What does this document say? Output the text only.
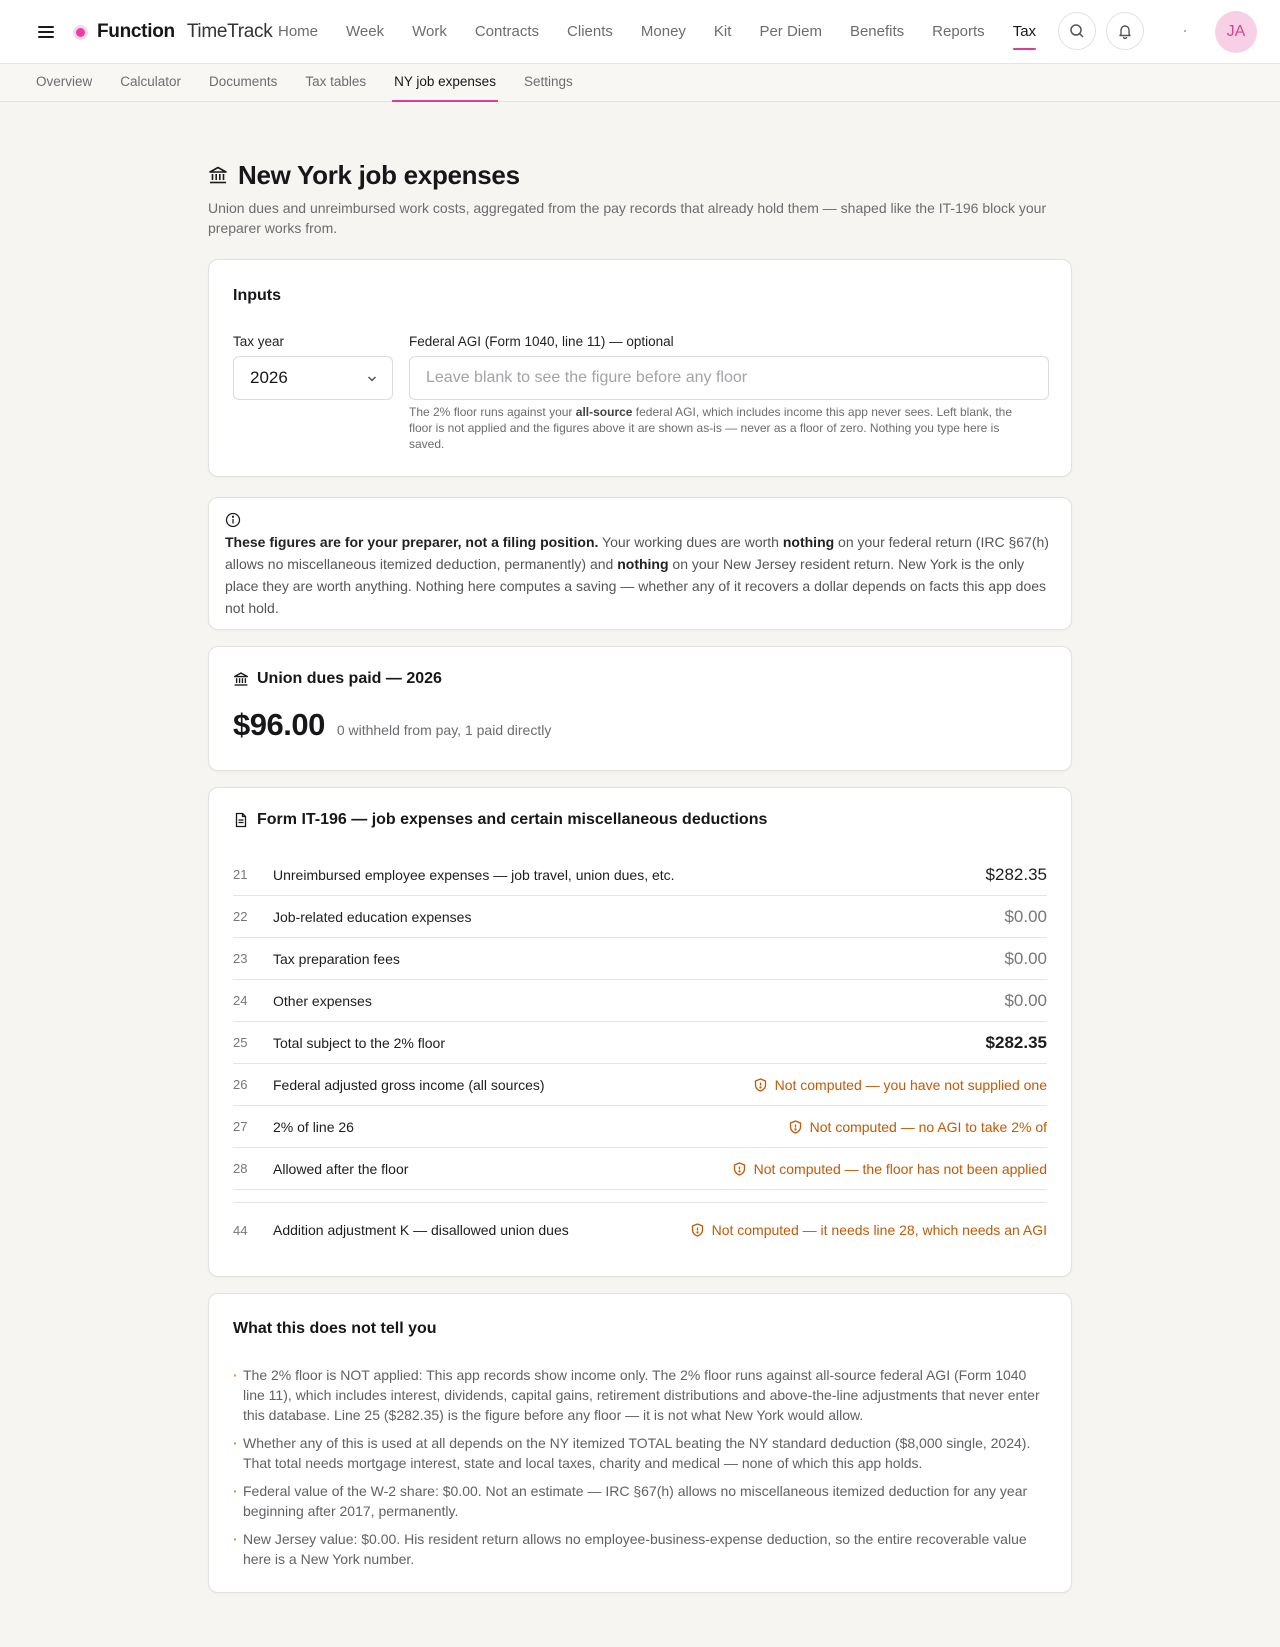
Function TimeTrack Home	Week	Work	Contracts	Clients	Money	Kit	Per Diem	Benefits	Reports	Tax	JA
Overview	Calculator	Documents	Tax tables	NY job expenses	Settings
New York job expenses

Union dues and unreimbursed work costs, aggregated from the pay records that already hold them — shaped like the IT-196 block your preparer works from.

Inputs
Tax year	Federal AGI (Form 1040, line 11) — optional
2026
Leave blank to see the figure before any floor

The 2% floor runs against your all-source federal AGI, which includes income this app never sees. Left blank, the floor is not applied and the figures above it are shown as-is — never as a floor of zero. Nothing you type here is saved.

These figures are for your preparer, not a filing position. Your working dues are worth nothing on your federal return (IRC §67(h) allows no miscellaneous itemized deduction, permanently) and nothing on your New Jersey resident return. New York is the only place they are worth anything. Nothing here computes a saving — whether any of it recovers a dollar depends on facts this app does not hold.

Union dues paid — 2026
$96.00 0 withheld from pay, 1 paid directly
Form IT-196 — job expenses and certain miscellaneous deductions
21	Unreimbursed employee expenses — job travel, union dues, etc.	$282.35
22	Job-related education expenses	$0.00
23	Tax preparation fees	$0.00
24	Other expenses	$0.00
25	Total subject to the 2% floor	$282.35
26	Federal adjusted gross income (all sources)	Not computed — you have not supplied one
27	2% of line 26	Not computed — no AGI to take 2% of
28	Allowed after the floor	Not computed — the floor has not been applied
44	Addition adjustment K — disallowed union dues	Not computed — it needs line 28, which needs an AGI
What this does not tell you
· The 2% floor is NOT applied: This app records show income only. The 2% floor runs against all-source federal AGI (Form 1040 line 11), which includes interest, dividends, capital gains, retirement distributions and above-the-line adjustments that never enter this database. Line 25 ($282.35) is the figure before any floor — it is not what New York would allow.
· Whether any of this is used at all depends on the NY itemized TOTAL beating the NY standard deduction ($8,000 single, 2024). That total needs mortgage interest, state and local taxes, charity and medical — none of which this app holds.
· Federal value of the W-2 share: $0.00. Not an estimate — IRC §67(h) allows no miscellaneous itemized deduction for any year beginning after 2017, permanently.
· New Jersey value: $0.00. His resident return allows no employee-business-expense deduction, so the entire recoverable value here is a New York number.
